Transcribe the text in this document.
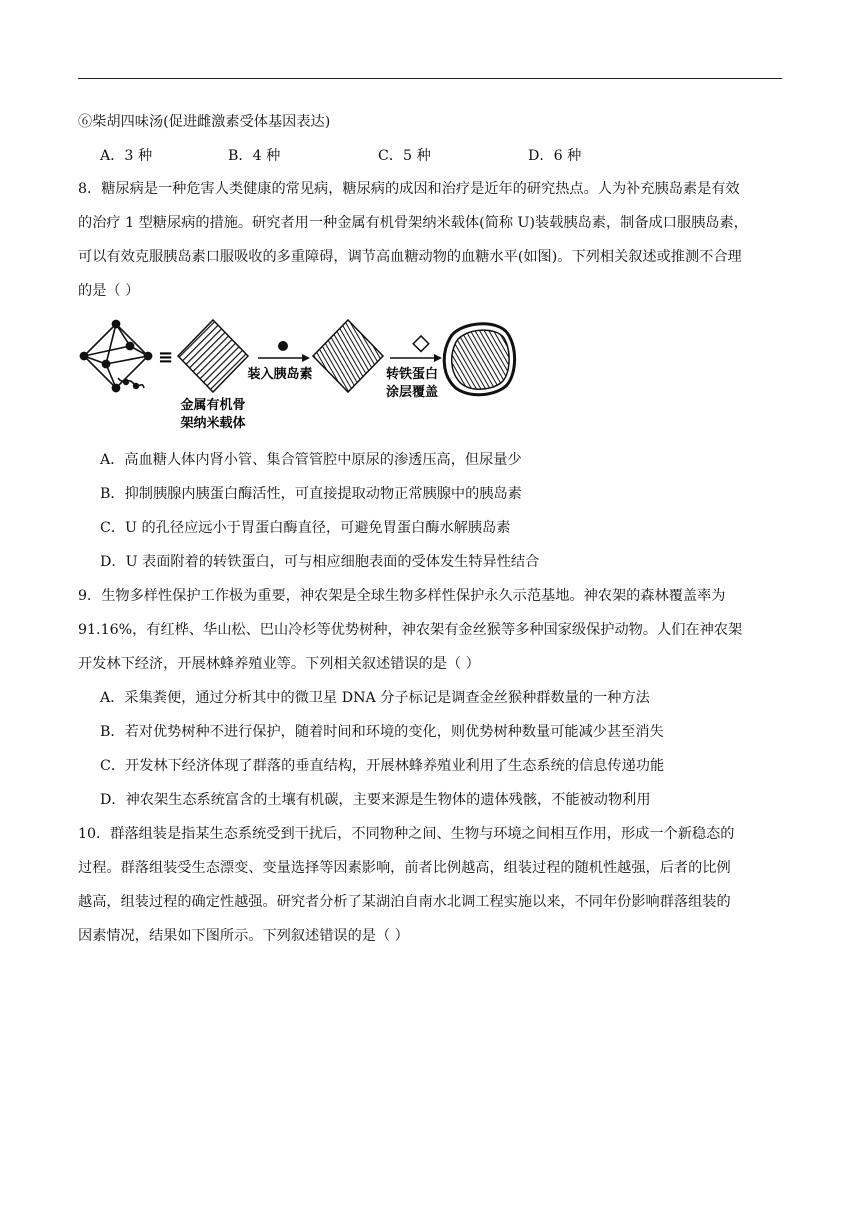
⑥柴胡四味汤(促进雌激素受体基因表达)
A．3 种	B．4 种	C．5 种	D．6 种
8．糖尿病是一种危害人类健康的常见病，糖尿病的成因和治疗是近年的研究热点。人为补充胰岛素是有效
的治疗 1 型糖尿病的措施。研究者用一种金属有机骨架纳米载体(简称 U)装载胰岛素，制备成口服胰岛素，
可以有效克服胰岛素口服吸收的多重障碍，调节高血糖动物的血糖水平(如图)。下列相关叙述或推测不合理
的是（ ）
≡
金属有机骨
架纳米载体
装入胰岛素	转铁蛋白
涂层覆盖
A．高血糖人体内肾小管、集合管管腔中原尿的渗透压高，但尿量少
B．抑制胰腺内胰蛋白酶活性，可直接提取动物正常胰腺中的胰岛素
C．U 的孔径应远小于胃蛋白酶直径，可避免胃蛋白酶水解胰岛素
D．U 表面附着的转铁蛋白，可与相应细胞表面的受体发生特异性结合
9．生物多样性保护工作极为重要，神农架是全球生物多样性保护永久示范基地。神农架的森林覆盖率为
91.16%，有红桦、华山松、巴山冷杉等优势树种，神农架有金丝猴等多种国家级保护动物。人们在神农架
开发林下经济，开展林蜂养殖业等。下列相关叙述错误的是（ ）
A．采集粪便，通过分析其中的微卫星 DNA 分子标记是调查金丝猴种群数量的一种方法
B．若对优势树种不进行保护，随着时间和环境的变化，则优势树种数量可能减少甚至消失
C．开发林下经济体现了群落的垂直结构，开展林蜂养殖业利用了生态系统的信息传递功能
D．神农架生态系统富含的土壤有机碳，主要来源是生物体的遗体残骸，不能被动物利用
10．群落组装是指某生态系统受到干扰后，不同物种之间、生物与环境之间相互作用，形成一个新稳态的
过程。群落组装受生态漂变、变量选择等因素影响，前者比例越高，组装过程的随机性越强，后者的比例
越高，组装过程的确定性越强。研究者分析了某湖泊自南水北调工程实施以来，不同年份影响群落组装的
因素情况，结果如下图所示。下列叙述错误的是（ ）
